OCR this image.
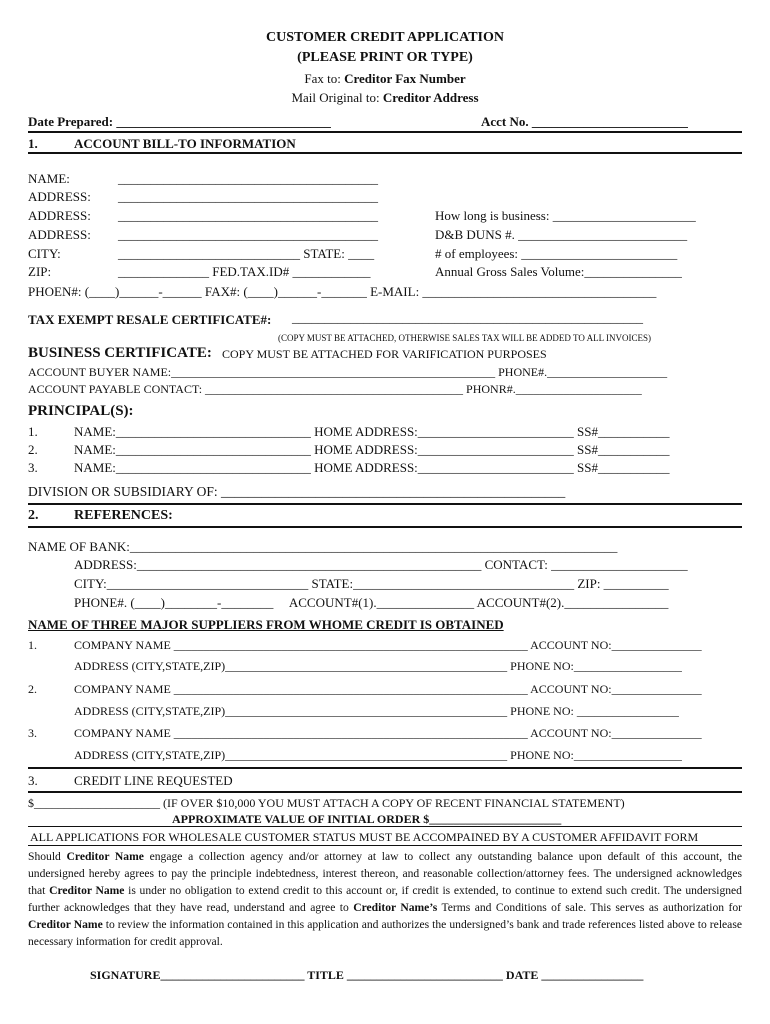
CUSTOMER CREDIT APPLICATION
(PLEASE PRINT OR TYPE)
Fax to: Creditor Fax Number
Mail Original to: Creditor Address
Date Prepared: _________________________________	Acct No. ________________________
1.	ACCOUNT BILL-TO INFORMATION
NAME:	________________________________________
ADDRESS: ________________________________________
ADDRESS: ________________________________________	How long is business: ______________________
ADDRESS: ________________________________________	D&B DUNS #. __________________________
CITY:	____________________________ STATE: ____	# of employees: ________________________
ZIP:	______________ FED.TAX.ID# ____________	Annual Gross Sales Volume:_______________
PHOEN#: (____)______-______ FAX#: (____)______-_______ E-MAIL: ____________________________________
TAX EXEMPT RESALE CERTIFICATE#: ______________________________________________________
(COPY MUST BE ATTACHED, OTHERWISE SALES TAX WILL BE ADDED TO ALL INVOICES)
BUSINESS CERTIFICATE: COPY MUST BE ATTACHED FOR VARIFICATION PURPOSES
ACCOUNT BUYER NAME:______________________________________________________ PHONE#.____________________
ACCOUNT PAYABLE CONTACT: ___________________________________________ PHONR#._____________________
PRINCIPAL(S):
1.	NAME:______________________________ HOME ADDRESS:________________________ SS#___________
2.	NAME:______________________________ HOME ADDRESS:________________________ SS#___________
3.	NAME:______________________________ HOME ADDRESS:________________________ SS#___________
DIVISION OR SUBSIDIARY OF: ___________________________________________________
2.	REFERENCES:
NAME OF BANK:___________________________________________________________________________
ADDRESS:_____________________________________________________ CONTACT: _____________________
CITY:_______________________________ STATE:__________________________________ ZIP: __________
PHONE#. (____)________-________     ACCOUNT#(1)._______________ ACCOUNT#(2).________________
NAME OF THREE MAJOR SUPPLIERS FROM WHOME CREDIT IS OBTAINED
1.	COMPANY NAME ___________________________________________________________ ACCOUNT NO:_______________
ADDRESS (CITY,STATE,ZIP)_______________________________________________ PHONE NO:__________________
2.	COMPANY NAME ___________________________________________________________ ACCOUNT NO:_______________
ADDRESS (CITY,STATE,ZIP)_______________________________________________ PHONE NO: _________________
3.	COMPANY NAME ___________________________________________________________ ACCOUNT NO:_______________
ADDRESS (CITY,STATE,ZIP)_______________________________________________ PHONE NO:__________________
3.	CREDIT LINE REQUESTED
$_____________________ (IF OVER $10,000 YOU MUST ATTACH A COPY OF RECENT FINANCIAL STATEMENT)
APPROXIMATE VALUE OF INITIAL ORDER $______________________
ALL APPLICATIONS FOR WHOLESALE CUSTOMER STATUS MUST BE ACCOMPAINED BY A CUSTOMER AFFIDAVIT FORM
Should Creditor Name engage a collection agency and/or attorney at law to collect any outstanding balance upon default of this account, the undersigned hereby agrees to pay the principle indebtedness, interest thereon, and reasonable collection/attorney fees. The undersigned acknowledges that Creditor Name is under no obligation to extend credit to this account or, if credit is extended, to continue to extend such credit. The undersigned further acknowledges that they have read, understand and agree to Creditor Name’s Terms and Conditions of sale. This serves as authorization for Creditor Name to review the information contained in this application and authorizes the undersigned’s bank and trade references listed above to release necessary information for credit approval.
SIGNATURE________________________ TITLE __________________________ DATE _________________
